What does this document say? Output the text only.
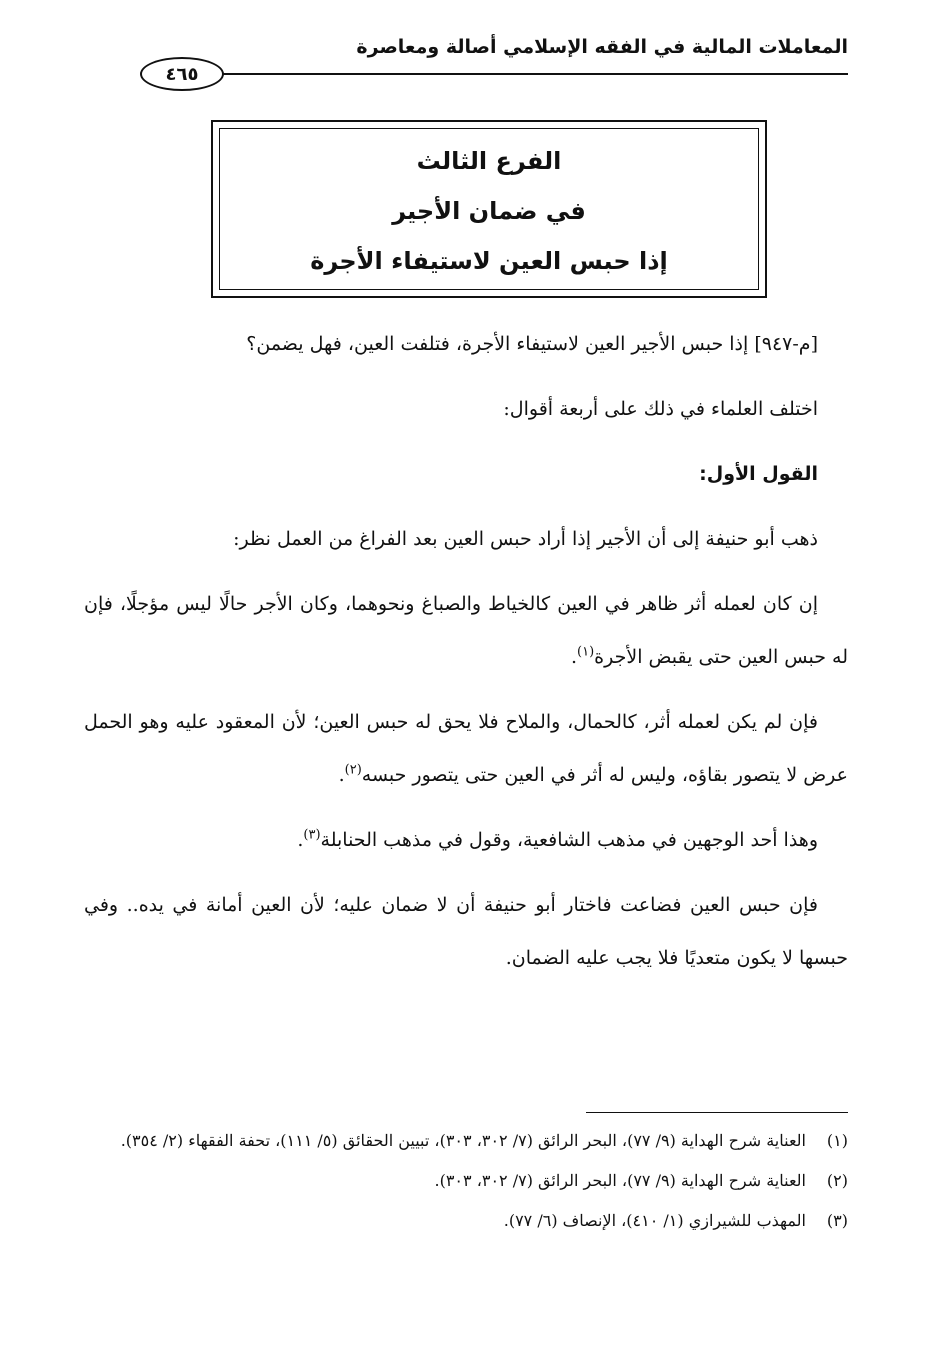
المعاملات المالية في الفقه الإسلامي أصالة ومعاصرة
٤٦٥
الفرع الثالث
في ضمان الأجير
إذا حبس العين لاستيفاء الأجرة

[م-٩٤٧] إذا حبس الأجير العين لاستيفاء الأجرة، فتلفت العين، فهل يضمن؟

اختلف العلماء في ذلك على أربعة أقوال:

القول الأول:

ذهب أبو حنيفة إلى أن الأجير إذا أراد حبس العين بعد الفراغ من العمل نظر:

إن كان لعمله أثر ظاهر في العين كالخياط والصباغ ونحوهما، وكان الأجر حالًا ليس مؤجلًا، فإن له حبس العين حتى يقبض الأجرة$^{(١)}$.

فإن لم يكن لعمله أثر، كالحمال، والملاح فلا يحق له حبس العين؛ لأن المعقود عليه وهو الحمل عرض لا يتصور بقاؤه، وليس له أثر في العين حتى يتصور حبسه$^{(٢)}$.

وهذا أحد الوجهين في مذهب الشافعية، وقول في مذهب الحنابلة$^{(٣)}$.

فإن حبس العين فضاعت فاختار أبو حنيفة أن لا ضمان عليه؛ لأن العين أمانة في يده.. وفي حبسها لا يكون متعديًا فلا يجب عليه الضمان.

(١)
العناية شرح الهداية (٩/ ٧٧)، البحر الرائق (٧/ ٣٠٢، ٣٠٣)، تبيين الحقائق (٥/ ١١١)، تحفة الفقهاء (٢/ ٣٥٤).
(٢)
العناية شرح الهداية (٩/ ٧٧)، البحر الرائق (٧/ ٣٠٢، ٣٠٣).
(٣)
المهذب للشيرازي (١/ ٤١٠)، الإنصاف (٦/ ٧٧).
